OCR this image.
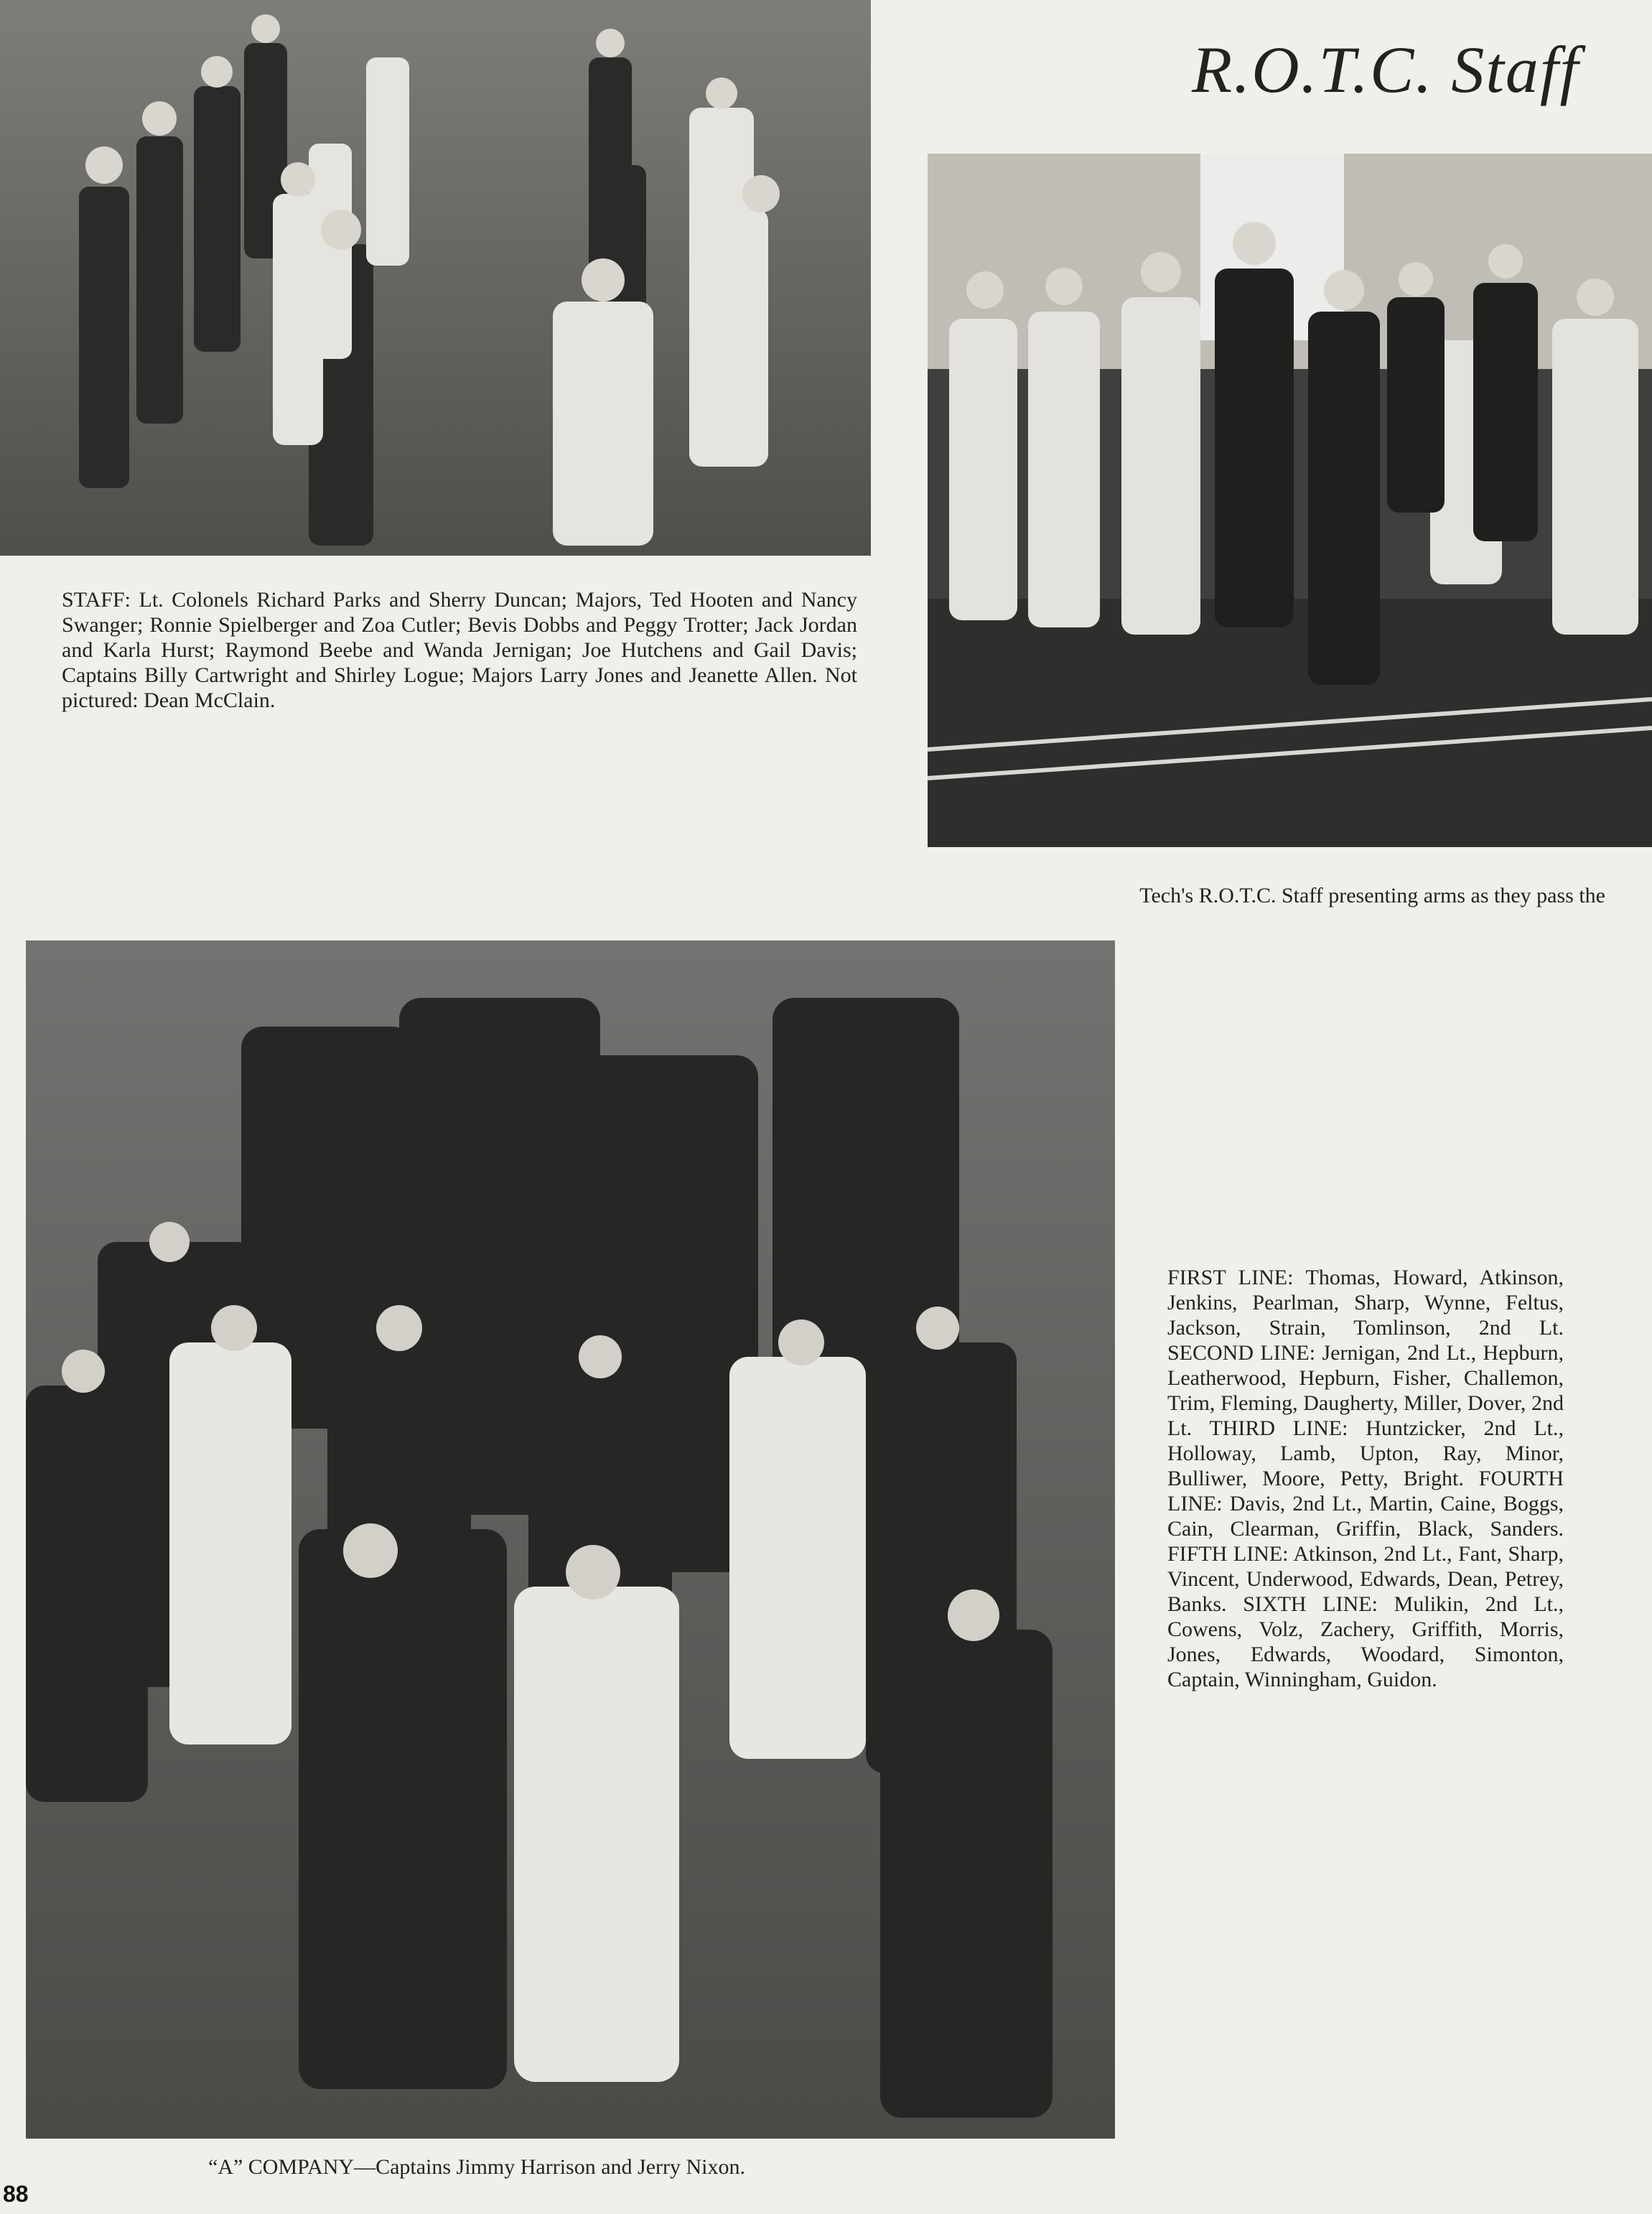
R.O.T.C. Staff
STAFF: Lt. Colonels Richard Parks and Sherry Duncan; Majors, Ted Hooten and Nancy Swanger; Ronnie Spielberger and Zoa Cutler; Bevis Dobbs and Peggy Trotter; Jack Jordan and Karla Hurst; Raymond Beebe and Wanda Jernigan; Joe Hutchens and Gail Davis; Captains Billy Cartwright and Shirley Logue; Majors Larry Jones and Jeanette Allen. Not pictured: Dean McClain.
Tech's R.O.T.C. Staff presenting arms as they pass the
FIRST LINE: Thomas, Howard, Atkinson, Jenkins, Pearlman, Sharp, Wynne, Feltus, Jackson, Strain, Tomlinson, 2nd Lt. SECOND LINE: Jernigan, 2nd Lt., Hepburn, Leatherwood, Hepburn, Fisher, Challemon, Trim, Fleming, Daugherty, Miller, Dover, 2nd Lt. THIRD LINE: Huntzicker, 2nd Lt., Holloway, Lamb, Upton, Ray, Minor, Bulliwer, Moore, Petty, Bright. FOURTH LINE: Davis, 2nd Lt., Martin, Caine, Boggs, Cain, Clearman, Griffin, Black, Sanders. FIFTH LINE: Atkinson, 2nd Lt., Fant, Sharp, Vincent, Underwood, Edwards, Dean, Petrey, Banks. SIXTH LINE: Mulikin, 2nd Lt., Cowens, Volz, Zachery, Griffith, Morris, Jones, Edwards, Woodard, Simonton, Captain, Winningham, Guidon.
“A” COMPANY—Captains Jimmy Harrison and Jerry Nixon.
88
